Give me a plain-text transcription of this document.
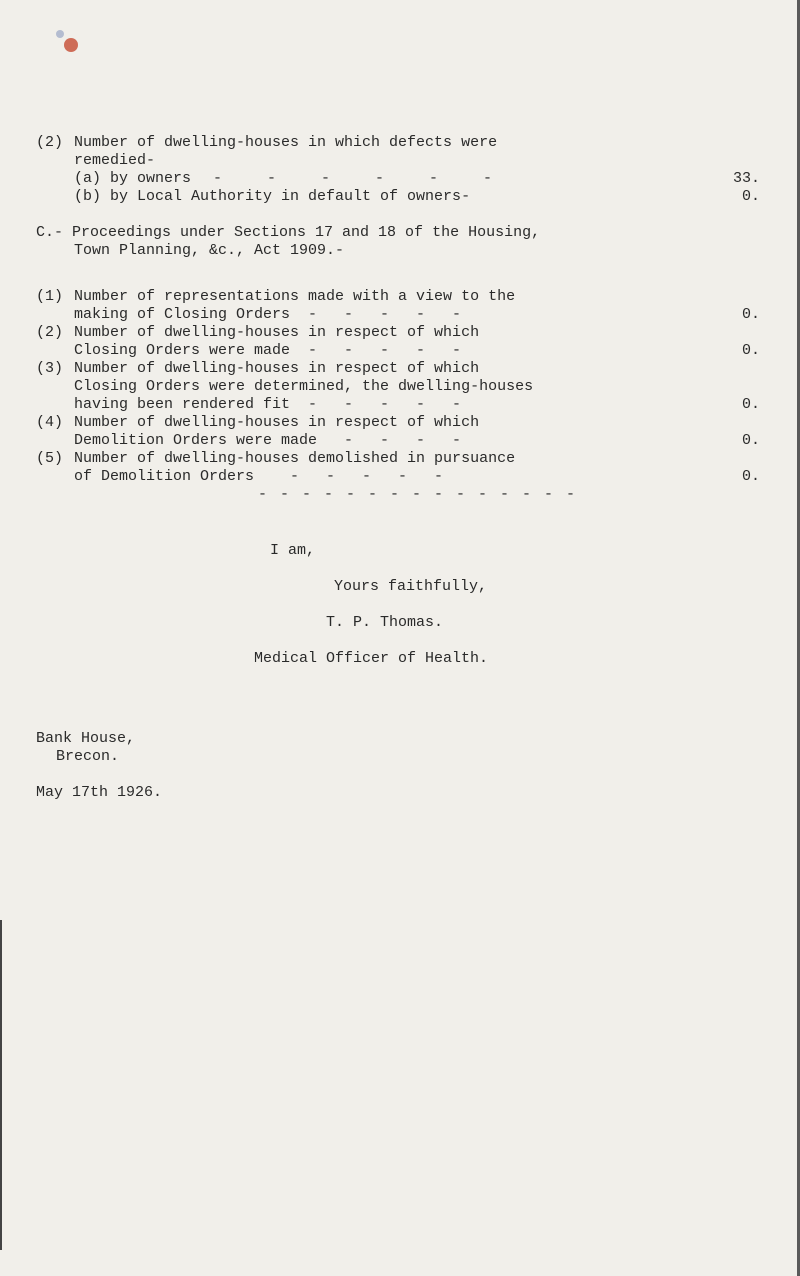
(2) Number of dwelling-houses in which defects were
remedied-
(a) by owners -     -     -     -     -     -	33.
(b) by Local Authority in default of owners-	0.
C.- Proceedings under Sections 17 and 18 of the Housing,
Town Planning, &c., Act 1909.-
(1) Number of representations made with a view to the
making of Closing Orders  -   -   -   -   -	0.
(2) Number of dwelling-houses in respect of which
Closing Orders were made  -   -   -   -   -	0.
(3) Number of dwelling-houses in respect of which
Closing Orders were determined, the dwelling-houses
having been rendered fit  -   -   -   -   -	0.
(4) Number of dwelling-houses in respect of which
Demolition Orders were made   -   -   -   -	0.
(5) Number of dwelling-houses demolished in pursuance
of Demolition Orders    -   -   -   -   -	0.
- - - - - - - - - - - - - - -
I am,
Yours faithfully,
T. P. Thomas.
Medical Officer of Health.
Bank House,
Brecon.
May 17th 1926.
